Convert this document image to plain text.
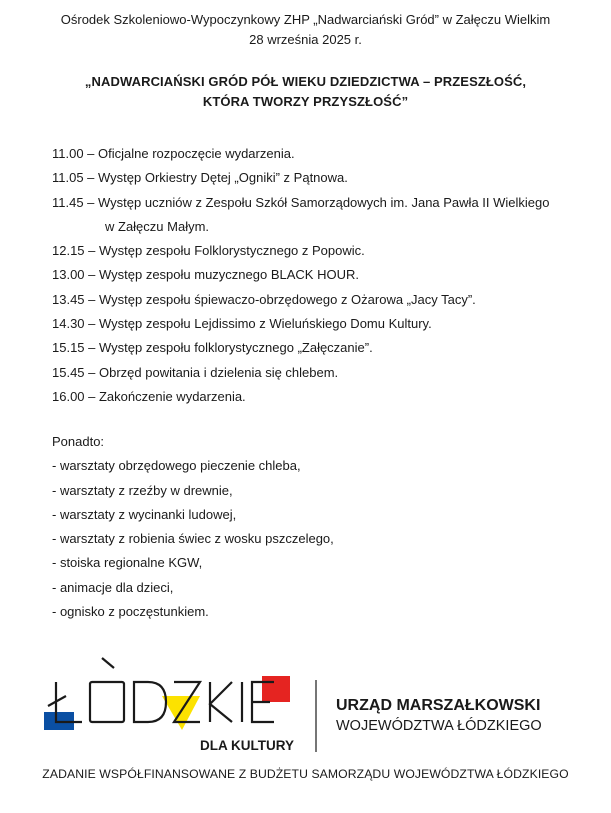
Ośrodek Szkoleniowo-Wypoczynkowy ZHP „Nadwarciański Gród” w Załęczu Wielkim
28 września 2025 r.
„NADWARCIAŃSKI GRÓD PÓŁ WIEKU DZIEDZICTWA – PRZESZŁOŚĆ,
KTÓRA TWORZY PRZYSZŁOŚĆ”
11.00 – Oficjalne rozpoczęcie wydarzenia.
11.05 – Występ Orkiestry Dętej „Ogniki” z Pątnowa.
11.45 – Występ uczniów z Zespołu Szkół Samorządowych im. Jana Pawła II Wielkiego
w Załęczu Małym.
12.15 – Występ zespołu Folklorystycznego z Popowic.
13.00 – Występ zespołu muzycznego BLACK HOUR.
13.45 – Występ zespołu śpiewaczo-obrzędowego z Ożarowa „Jacy Tacy”.
14.30 – Występ zespołu Lejdissimo z Wieluńskiego Domu Kultury.
15.15 – Występ zespołu folklorystycznego „Załęczanie”.
15.45 – Obrzęd powitania i dzielenia się chlebem.
16.00 – Zakończenie wydarzenia.
Ponadto:
- warsztaty obrzędowego pieczenie chleba,
- warsztaty z rzeźby w drewnie,
- warsztaty z wycinanki ludowej,
- warsztaty z robienia świec z wosku pszczelego,
- stoiska regionalne KGW,
- animacje dla dzieci,
- ognisko z poczęstunkiem.
DLA KULTURY
URZĄD MARSZAŁKOWSKI
WOJEWÓDZTWA ŁÓDZKIEGO
ZADANIE WSPÓŁFINANSOWANE Z BUDŻETU SAMORZĄDU WOJEWÓDZTWA ŁÓDZKIEGO
